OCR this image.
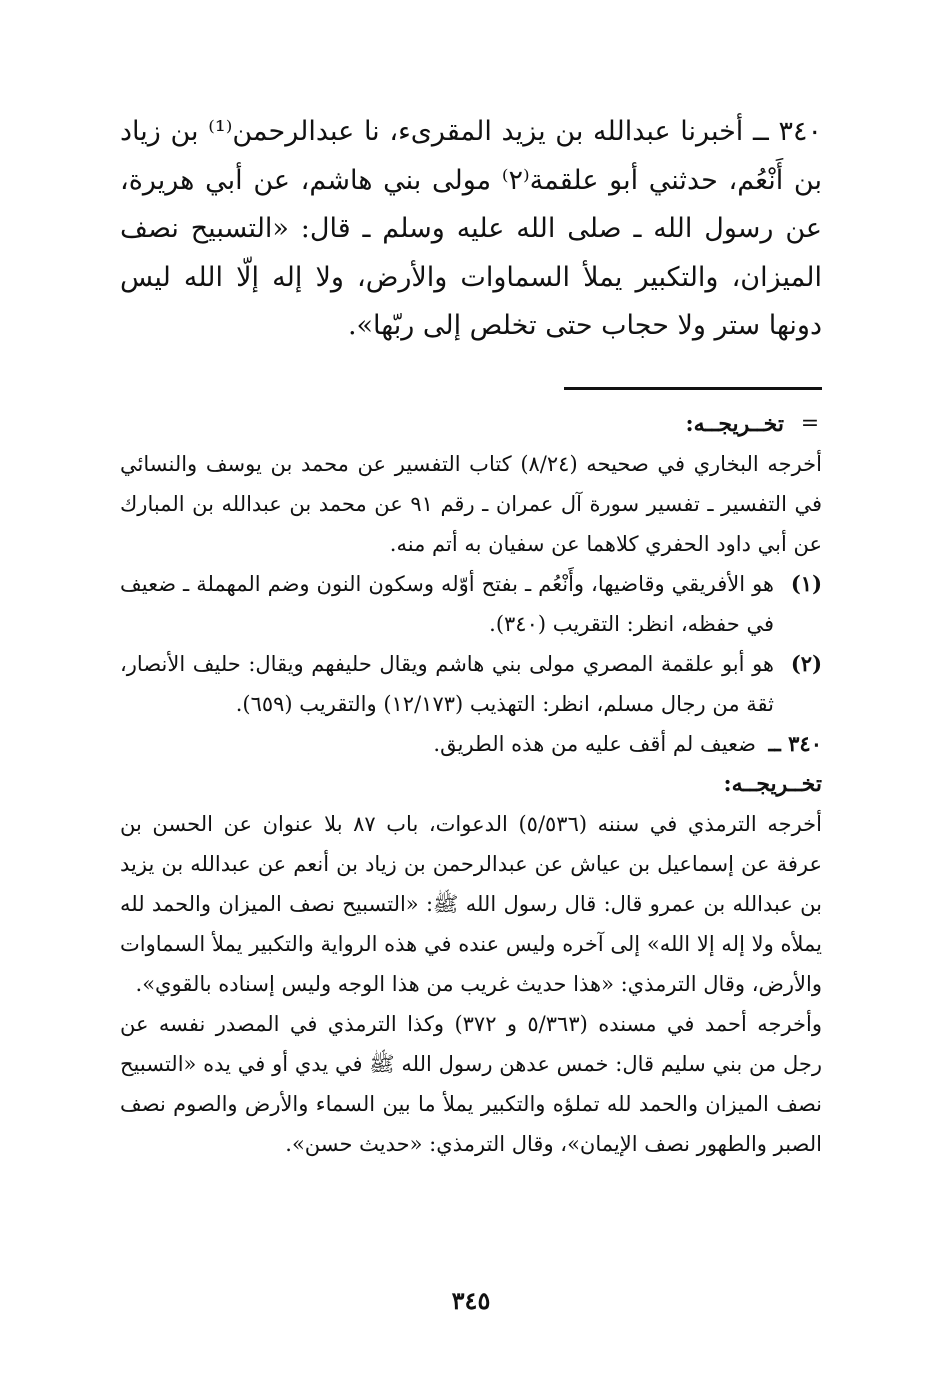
٣٤٠ ــ أخبرنا عبدالله بن يزيد المقرىء، نا عبدالرحمن⁽¹⁾ بن زياد بن أَنْعُم، حدثني أبو علقمة⁽٢⁾ مولى بني هاشم، عن أبي هريرة، عن رسول الله ـ صلى الله عليه وسلم ـ قال: «التسبيح نصف الميزان، والتكبير يملأ السماوات والأرض، ولا إله إلّا الله ليس دونها ستر ولا حجاب حتى تخلص إلى ربّها».

=
تخــريجــه:

أخرجه البخاري في صحيحه (٨/٢٤) كتاب التفسير عن محمد بن يوسف والنسائي في التفسير ـ تفسير سورة آل عمران ـ رقم ٩١ عن محمد بن عبدالله بن المبارك عن أبي داود الحفري كلاهما عن سفيان به أتم منه.

(١)

هو الأفريقي وقاضيها، وأَنْعُم ـ بفتح أوّله وسكون النون وضم المهملة ـ ضعيف في حفظه، انظر: التقريب (٣٤٠).

(٢)

هو أبو علقمة المصري مولى بني هاشم ويقال حليفهم ويقال: حليف الأنصار، ثقة من رجال مسلم، انظر: التهذيب (١٢/١٧٣) والتقريب (٦٥٩).

٣٤٠ ــ

ضعيف لم أقف عليه من هذه الطريق.

تخــريجــه:

أخرجه الترمذي في سننه (٥/٥٣٦) الدعوات، باب ٨٧ بلا عنوان عن الحسن بن عرفة عن إسماعيل بن عياش عن عبدالرحمن بن زياد بن أنعم عن عبدالله بن يزيد بن عبدالله بن عمرو قال: قال رسول الله ﷺ: «التسبيح نصف الميزان والحمد لله يملأه ولا إله إلا الله» إلى آخره وليس عنده في هذه الرواية والتكبير يملأ السماوات والأرض، وقال الترمذي: «هذا حديث غريب من هذا الوجه وليس إسناده بالقوي».

وأخرجه أحمد في مسنده (٥/٣٦٣ و ٣٧٢) وكذا الترمذي في المصدر نفسه عن رجل من بني سليم قال: خمس عدهن رسول الله ﷺ في يدي أو في يده «التسبيح نصف الميزان والحمد لله تملؤه والتكبير يملأ ما بين السماء والأرض والصوم نصف الصبر والطهور نصف الإيمان»، وقال الترمذي: «حديث حسن».

٣٤٥
